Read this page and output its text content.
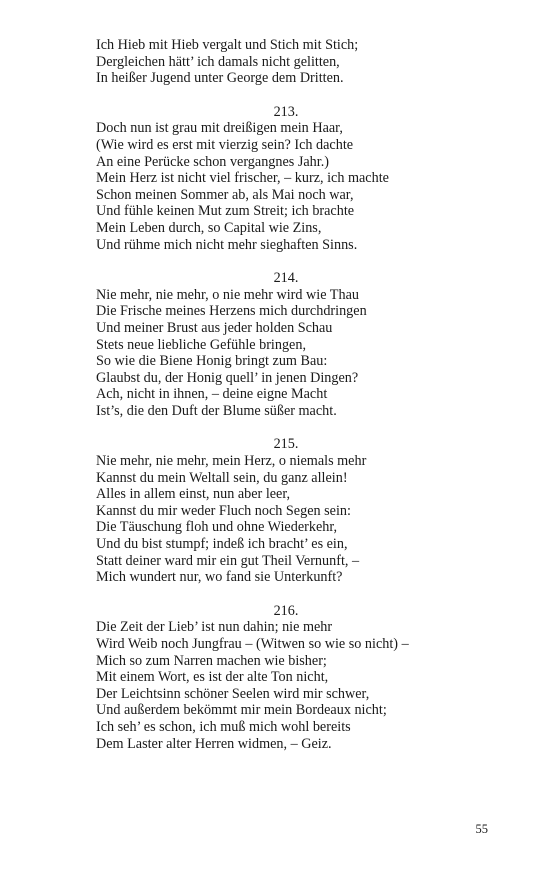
Ich Hieb mit Hieb vergalt und Stich mit Stich;
Dergleichen hätt’ ich damals nicht gelitten,
In heißer Jugend unter George dem Dritten.
213.
Doch nun ist grau mit dreißigen mein Haar,
(Wie wird es erst mit vierzig sein? Ich dachte
An eine Perücke schon vergangnes Jahr.)
Mein Herz ist nicht viel frischer, – kurz, ich machte
Schon meinen Sommer ab, als Mai noch war,
Und fühle keinen Mut zum Streit; ich brachte
Mein Leben durch, so Capital wie Zins,
Und rühme mich nicht mehr sieghaften Sinns.
214.
Nie mehr, nie mehr, o nie mehr wird wie Thau
Die Frische meines Herzens mich durchdringen
Und meiner Brust aus jeder holden Schau
Stets neue liebliche Gefühle bringen,
So wie die Biene Honig bringt zum Bau:
Glaubst du, der Honig quell’ in jenen Dingen?
Ach, nicht in ihnen, – deine eigne Macht
Ist’s, die den Duft der Blume süßer macht.
215.
Nie mehr, nie mehr, mein Herz, o niemals mehr
Kannst du mein Weltall sein, du ganz allein!
Alles in allem einst, nun aber leer,
Kannst du mir weder Fluch noch Segen sein:
Die Täuschung floh und ohne Wiederkehr,
Und du bist stumpf; indeß ich bracht’ es ein,
Statt deiner ward mir ein gut Theil Vernunft, –
Mich wundert nur, wo fand sie Unterkunft?
216.
Die Zeit der Lieb’ ist nun dahin; nie mehr
Wird Weib noch Jungfrau – (Witwen so wie so nicht) –
Mich so zum Narren machen wie bisher;
Mit einem Wort, es ist der alte Ton nicht,
Der Leichtsinn schöner Seelen wird mir schwer,
Und außerdem bekömmt mir mein Bordeaux nicht;
Ich seh’ es schon, ich muß mich wohl bereits
Dem Laster alter Herren widmen, – Geiz.
55
